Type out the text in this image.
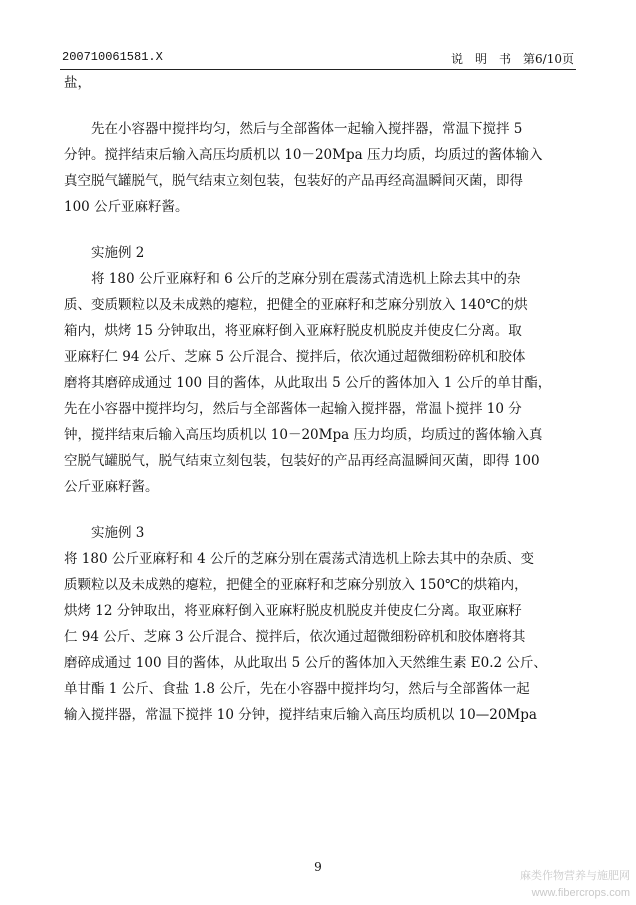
200710061581.X	说　明　书　第6/10页
盐，
先在小容器中搅拌均匀，然后与全部酱体一起输入搅拌器，常温下搅拌 5
分钟。搅拌结束后输入高压均质机以 10－20Mpa 压力均质，均质过的酱体输入
真空脱气罐脱气，脱气结束立刻包装，包装好的产品再经高温瞬间灭菌，即得
100 公斤亚麻籽酱。
实施例 2
将 180 公斤亚麻籽和 6 公斤的芝麻分别在震荡式清选机上除去其中的杂
质、变质颗粒以及未成熟的瘪粒，把健全的亚麻籽和芝麻分别放入 140℃的烘
箱内，烘烤 15 分钟取出，将亚麻籽倒入亚麻籽脱皮机脱皮并使皮仁分离。取
亚麻籽仁 94 公斤、芝麻 5 公斤混合、搅拌后，依次通过超微细粉碎机和胶体
磨将其磨碎成通过 100 目的酱体，从此取出 5 公斤的酱体加入 1 公斤的单甘酯，
先在小容器中搅拌均匀，然后与全部酱体一起输入搅拌器，常温卜搅拌 10 分
钟，搅拌结束后输入高压均质机以 10－20Mpa 压力均质，均质过的酱体输入真
空脱气罐脱气，脱气结束立刻包装，包装好的产品再经高温瞬间灭菌，即得 100
公斤亚麻籽酱。
实施例 3
将 180 公斤亚麻籽和 4 公斤的芝麻分别在震荡式清选机上除去其中的杂质、变
质颗粒以及未成熟的瘪粒，把健全的亚麻籽和芝麻分别放入 150℃的烘箱内，
烘烤 12 分钟取出，将亚麻籽倒入亚麻籽脱皮机脱皮并使皮仁分离。取亚麻籽
仁 94 公斤、芝麻 3 公斤混合、搅拌后，依次通过超微细粉碎机和胶体磨将其
磨碎成通过 100 目的酱体，从此取出 5 公斤的酱体加入天然维生素 E0.2 公斤、
单甘酯 1 公斤、食盐 1.8 公斤，先在小容器中搅拌均匀，然后与全部酱体一起
输入搅拌器，常温下搅拌 10 分钟，搅拌结束后输入高压均质机以 10—20Mpa
9
麻类作物营养与施肥网
www.fibercrops.com
